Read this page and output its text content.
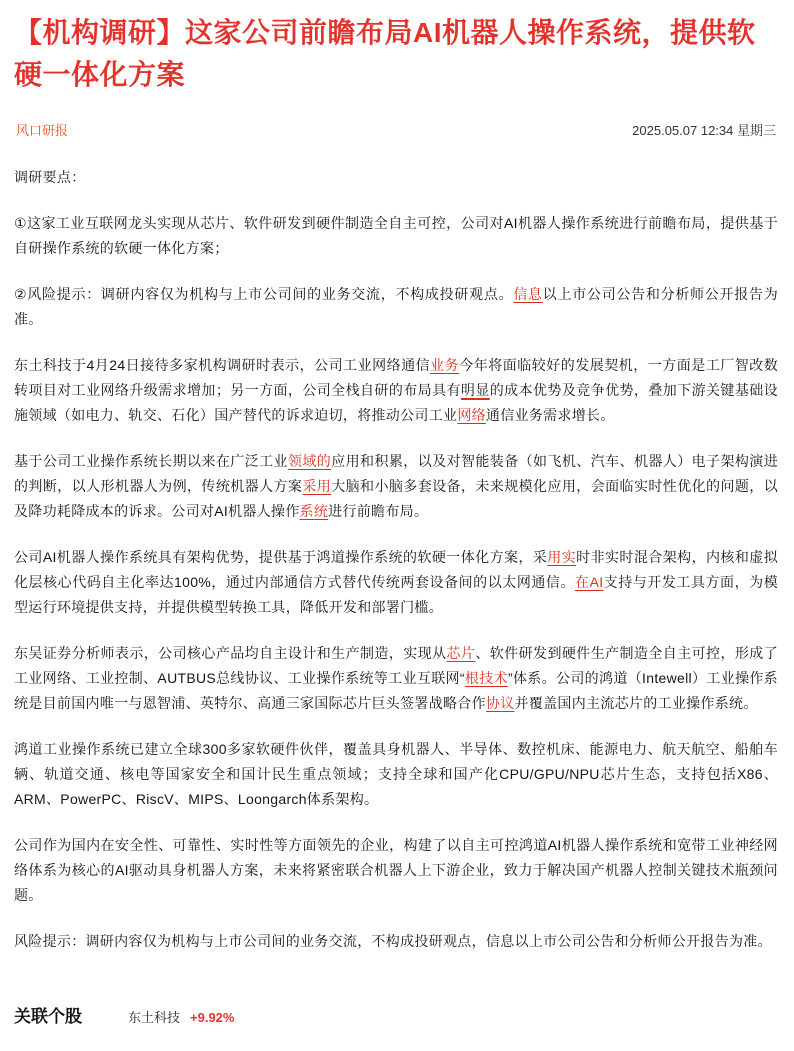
【机构调研】这家公司前瞻布局AI机器人操作系统，提供软硬一体化方案
风口研报	2025.05.07 12:34 星期三

调研要点：

①这家工业互联网龙头实现从芯片、软件研发到硬件制造全自主可控，公司对AI机器人操作系统进行前瞻布局，提供基于自研操作系统的软硬一体化方案；

②风险提示：调研内容仅为机构与上市公司间的业务交流，不构成投研观点。信息以上市公司公告和分析师公开报告为准。

东土科技于4月24日接待多家机构调研时表示，公司工业网络通信业务今年将面临较好的发展契机，一方面是工厂智改数转项目对工业网络升级需求增加；另一方面，公司全栈自研的布局具有明显的成本优势及竞争优势，叠加下游关键基础设施领域（如电力、轨交、石化）国产替代的诉求迫切，将推动公司工业网络通信业务需求增长。

基于公司工业操作系统长期以来在广泛工业领域的应用和积累，以及对智能装备（如飞机、汽车、机器人）电子架构演进的判断，以人形机器人为例，传统机器人方案采用大脑和小脑多套设备，未来规模化应用，会面临实时性优化的问题，以及降功耗降成本的诉求。公司对AI机器人操作系统进行前瞻布局。

公司AI机器人操作系统具有架构优势，提供基于鸿道操作系统的软硬一体化方案，采用实时非实时混合架构，内核和虚拟化层核心代码自主化率达100%，通过内部通信方式替代传统两套设备间的以太网通信。在AI支持与开发工具方面，为模型运行环境提供支持，并提供模型转换工具，降低开发和部署门槛。

东吴证券分析师表示，公司核心产品均自主设计和生产制造，实现从芯片、软件研发到硬件生产制造全自主可控，形成了工业网络、工业控制、AUTBUS总线协议、工业操作系统等工业互联网“根技术”体系。公司的鸿道（Intewell）工业操作系统是目前国内唯一与恩智浦、英特尔、高通三家国际芯片巨头签署战略合作协议并覆盖国内主流芯片的工业操作系统。

鸿道工业操作系统已建立全球300多家软硬件伙伴，覆盖具身机器人、半导体、数控机床、能源电力、航天航空、船舶车辆、轨道交通、核电等国家安全和国计民生重点领域；支持全球和国产化CPU/GPU/NPU芯片生态，支持包括X86、ARM、PowerPC、RiscV、MIPS、Loongarch体系架构。

公司作为国内在安全性、可靠性、实时性等方面领先的企业，构建了以自主可控鸿道AI机器人操作系统和宽带工业神经网络体系为核心的AI驱动具身机器人方案，未来将紧密联合机器人上下游企业，致力于解决国产机器人控制关键技术瓶颈问题。

风险提示：调研内容仅为机构与上市公司间的业务交流，不构成投研观点，信息以上市公司公告和分析师公开报告为准。

关联个股	东土科技 +9.92%
